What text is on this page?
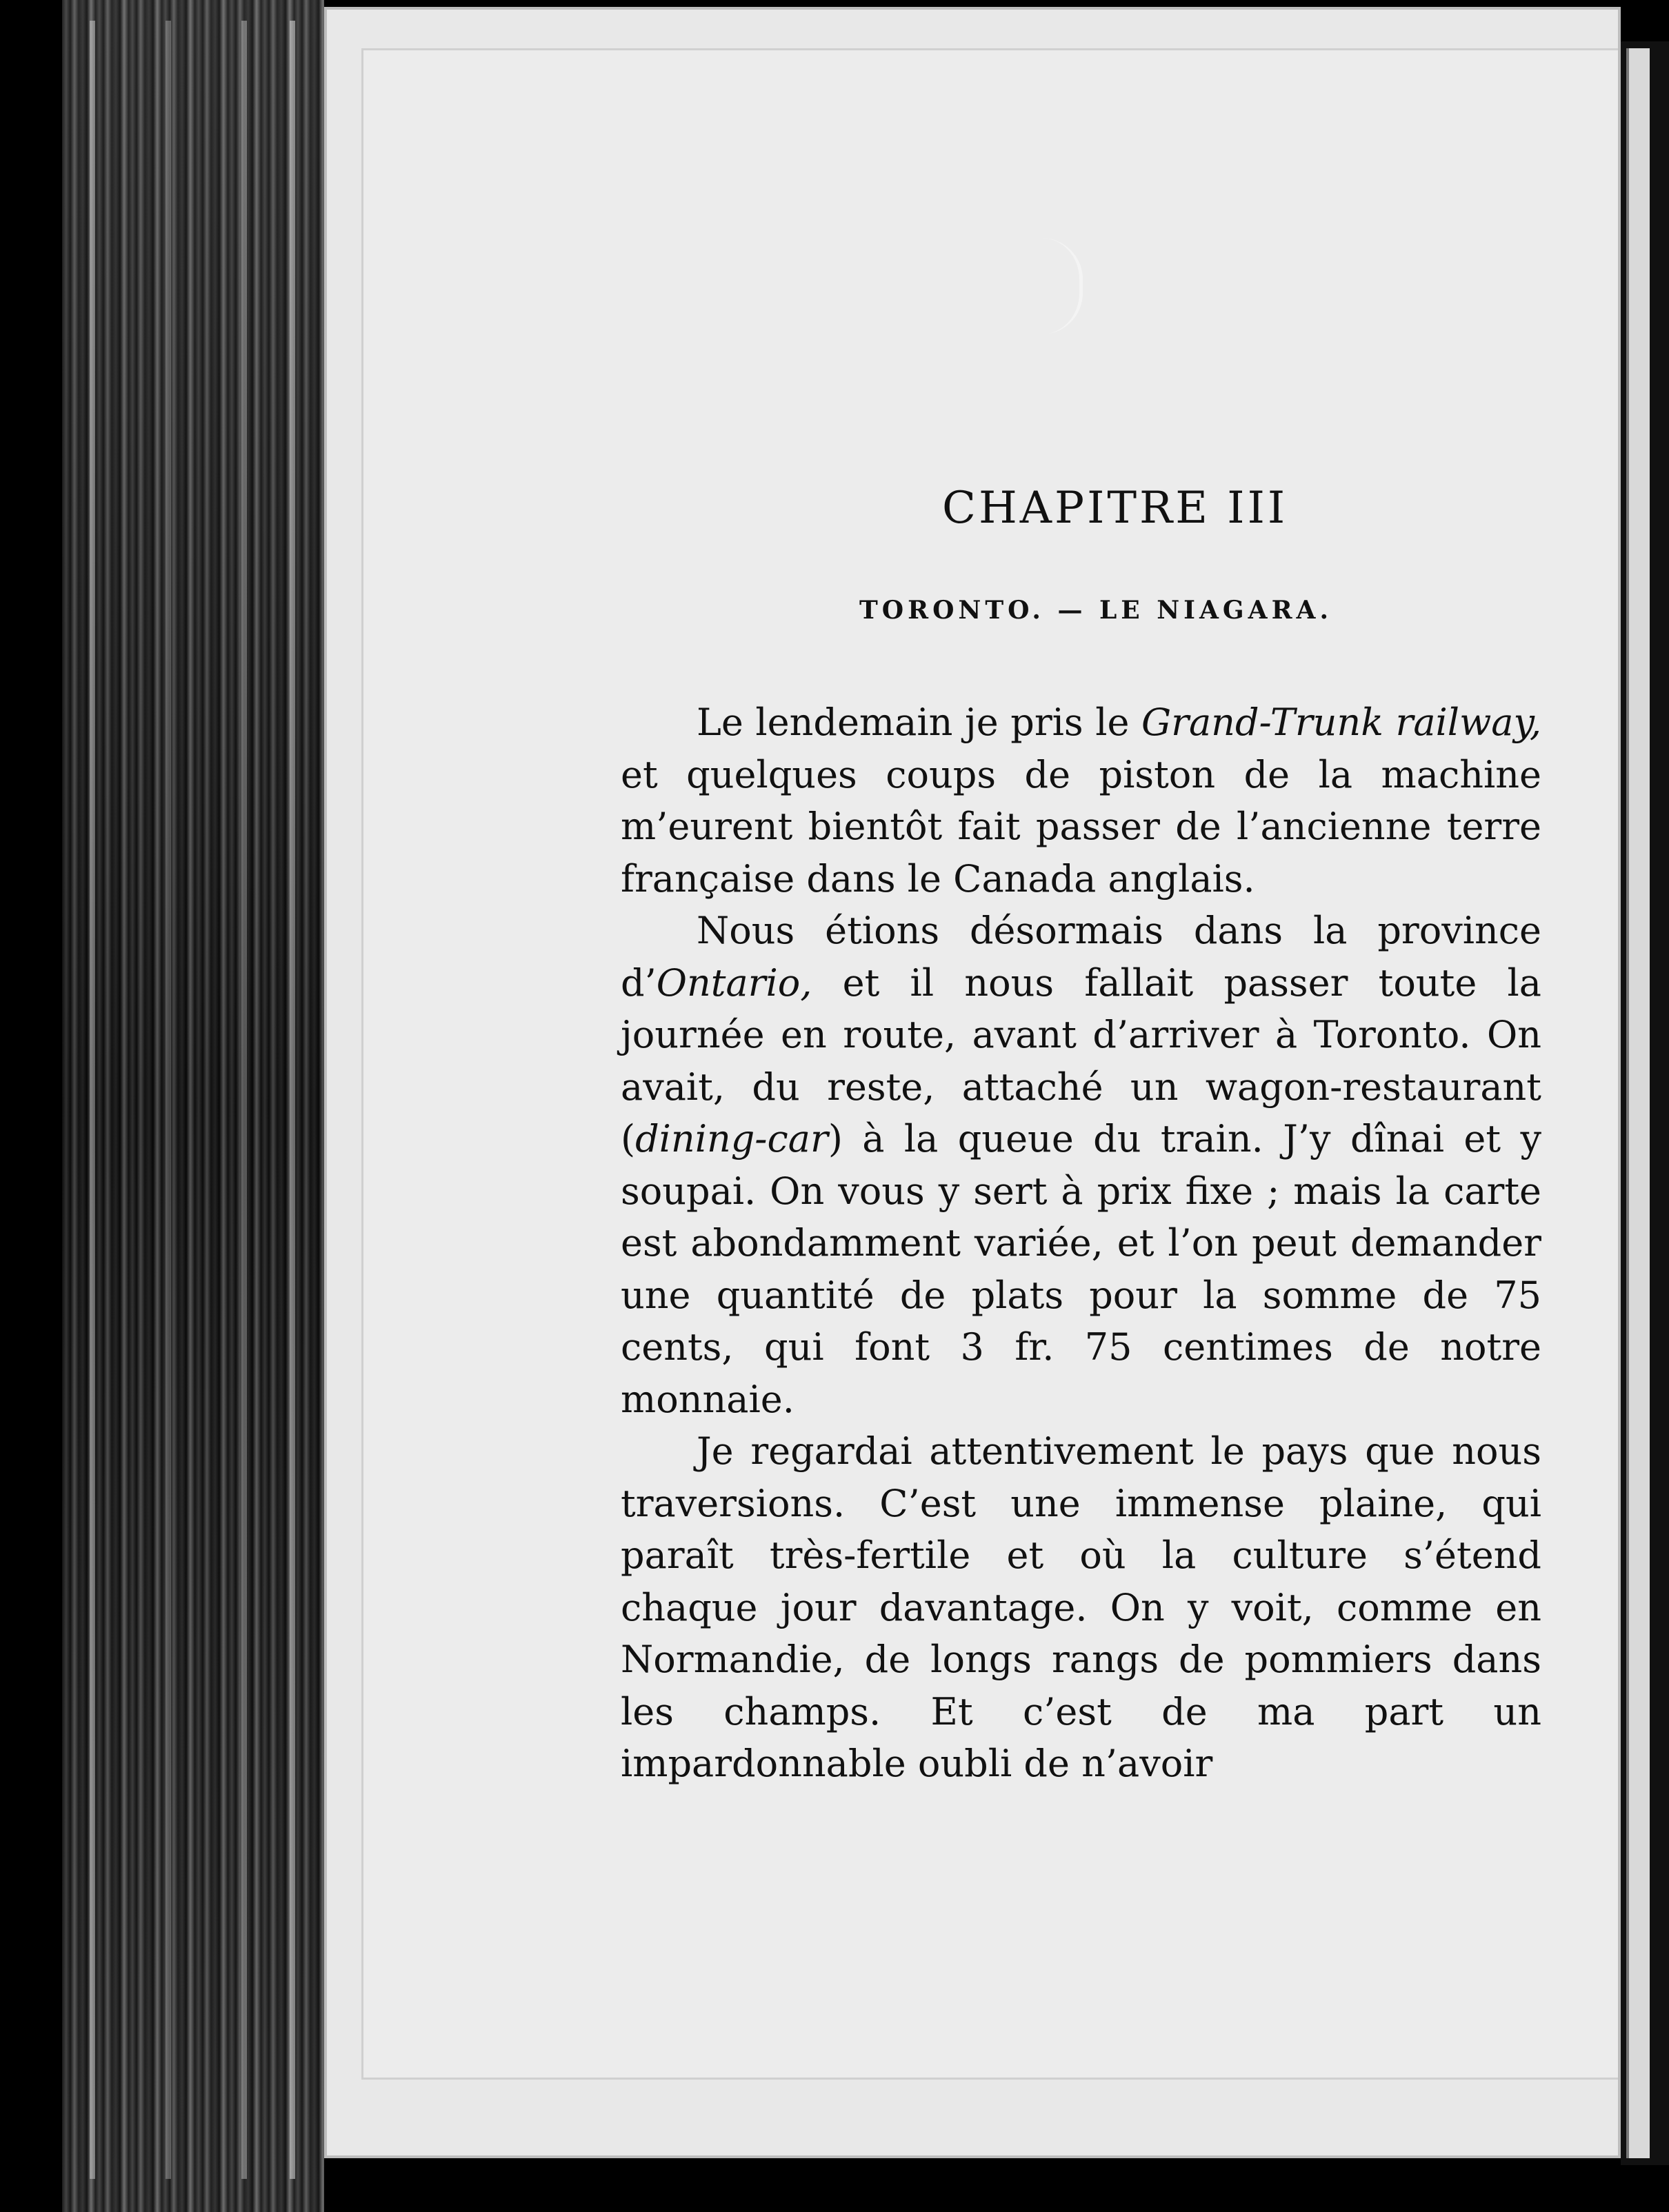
CHAPITRE III
TORONTO. — LE NIAGARA.

Le lendemain je pris le Grand-Trunk railway, et quelques coups de piston de la machine m’eurent bientôt fait passer de l’ancienne terre française dans le Canada anglais.

Nous étions désormais dans la province d’Ontario, et il nous fallait passer toute la journée en route, avant d’arriver à Toronto. On avait, du reste, attaché un wagon-restaurant (dining-car) à la queue du train. J’y dînai et y soupai. On vous y sert à prix fixe ; mais la carte est abondamment variée, et l’on peut demander une quantité de plats pour la somme de 75 cents, qui font 3 fr. 75 centimes de notre monnaie.

Je regardai attentivement le pays que nous traversions. C’est une immense plaine, qui paraît très-fertile et où la culture s’étend chaque jour davantage. On y voit, comme en Normandie, de longs rangs de pommiers dans les champs. Et c’est de ma part un impardonnable oubli de n’avoir
